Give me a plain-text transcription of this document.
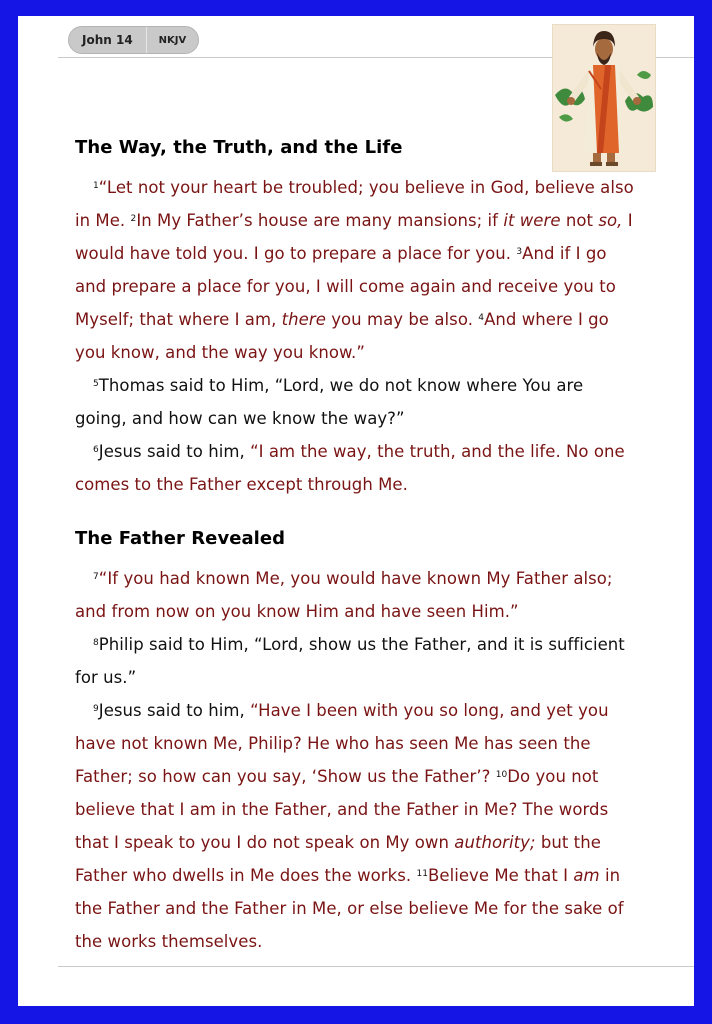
John 14	NKJV
The Way, the Truth, and the Life

$^1$“Let not your heart be troubled; you believe in God, believe also in Me. $^2$In My Father’s house are many mansions; if it were not so, I would have told you. I go to prepare a place for you. $^3$And if I go and prepare a place for you, I will come again and receive you to Myself; that where I am, there you may be also. $^4$And where I go you know, and the way you know.”

$^5$Thomas said to Him, “Lord, we do not know where You are going, and how can we know the way?”

$^6$Jesus said to him, “I am the way, the truth, and the life. No one comes to the Father except through Me.

The Father Revealed

$^7$“If you had known Me, you would have known My Father also; and from now on you know Him and have seen Him.”

$^8$Philip said to Him, “Lord, show us the Father, and it is sufficient for us.”

$^9$Jesus said to him, “Have I been with you so long, and yet you have not known Me, Philip? He who has seen Me has seen the Father; so how can you say, ‘Show us the Father’? $^{10}$Do you not believe that I am in the Father, and the Father in Me? The words that I speak to you I do not speak on My own authority; but the Father who dwells in Me does the works. $^{11}$Believe Me that I am in the Father and the Father in Me, or else believe Me for the sake of the works themselves.
